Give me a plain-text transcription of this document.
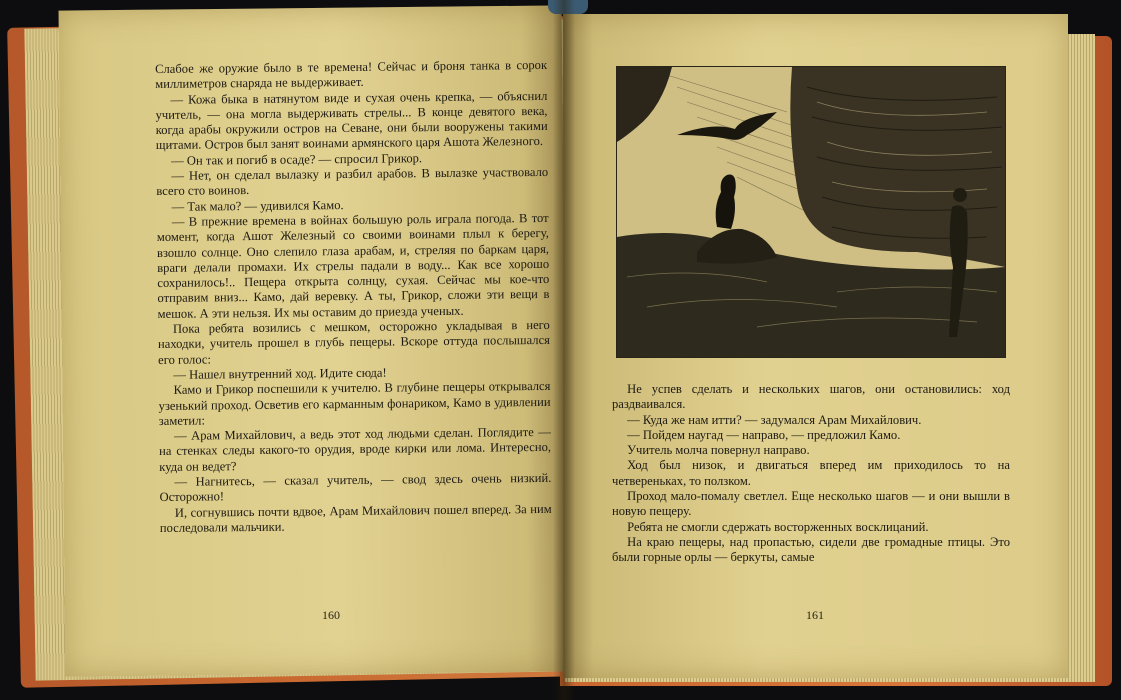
Слабое же оружие было в те времена! Сейчас и броня танка в сорок миллиметров снаряда не выдерживает.

— Кожа быка в натянутом виде и сухая очень крепка, — объяснил учитель, — она могла выдерживать стрелы... В конце девятого века, когда арабы окружили остров на Севане, они были вооружены такими щитами. Остров был занят воинами армянского царя Ашота Железного.

— Он так и погиб в осаде? — спросил Грикор.

— Нет, он сделал вылазку и разбил арабов. В вылазке участвовало всего сто воинов.

— Так мало? — удивился Камо.

— В прежние времена в войнах большую роль играла погода. В тот момент, когда Ашот Железный со своими воинами плыл к берегу, взошло солнце. Оно слепило глаза арабам, и, стреляя по баркам царя, враги делали промахи. Их стрелы падали в воду... Как все хорошо сохранилось!.. Пещера открыта солнцу, сухая. Сейчас мы кое-что отправим вниз... Камо, дай веревку. А ты, Грикор, сложи эти вещи в мешок. А эти нельзя. Их мы оставим до приезда ученых.

Пока ребята возились с мешком, осторожно укладывая в него находки, учитель прошел в глубь пещеры. Вскоре оттуда послышался его голос:

— Нашел внутренний ход. Идите сюда!

Камо и Грикор поспешили к учителю. В глубине пещеры открывался узенький проход. Осветив его карманным фонариком, Камо в удивлении заметил:

— Арам Михайлович, а ведь этот ход людьми сделан. Поглядите — на стенках следы какого-то орудия, вроде кирки или лома. Интересно, куда он ведет?

— Нагнитесь, — сказал учитель, — свод здесь очень низкий. Осторожно!

И, согнувшись почти вдвое, Арам Михайлович пошел вперед. За ним последовали мальчики.

160

Не успев сделать и нескольких шагов, они остановились: ход раздваивался.

— Куда же нам итти? — задумался Арам Михайлович.

— Пойдем наугад — направо, — предложил Камо.

Учитель молча повернул направо.

Ход был низок, и двигаться вперед им приходилось то на четвереньках, то ползком.

Проход мало-помалу светлел. Еще несколько шагов — и они вышли в новую пещеру.

Ребята не смогли сдержать восторженных восклицаний.

На краю пещеры, над пропастью, сидели две громадные птицы. Это были горные орлы — беркуты, самые

161
